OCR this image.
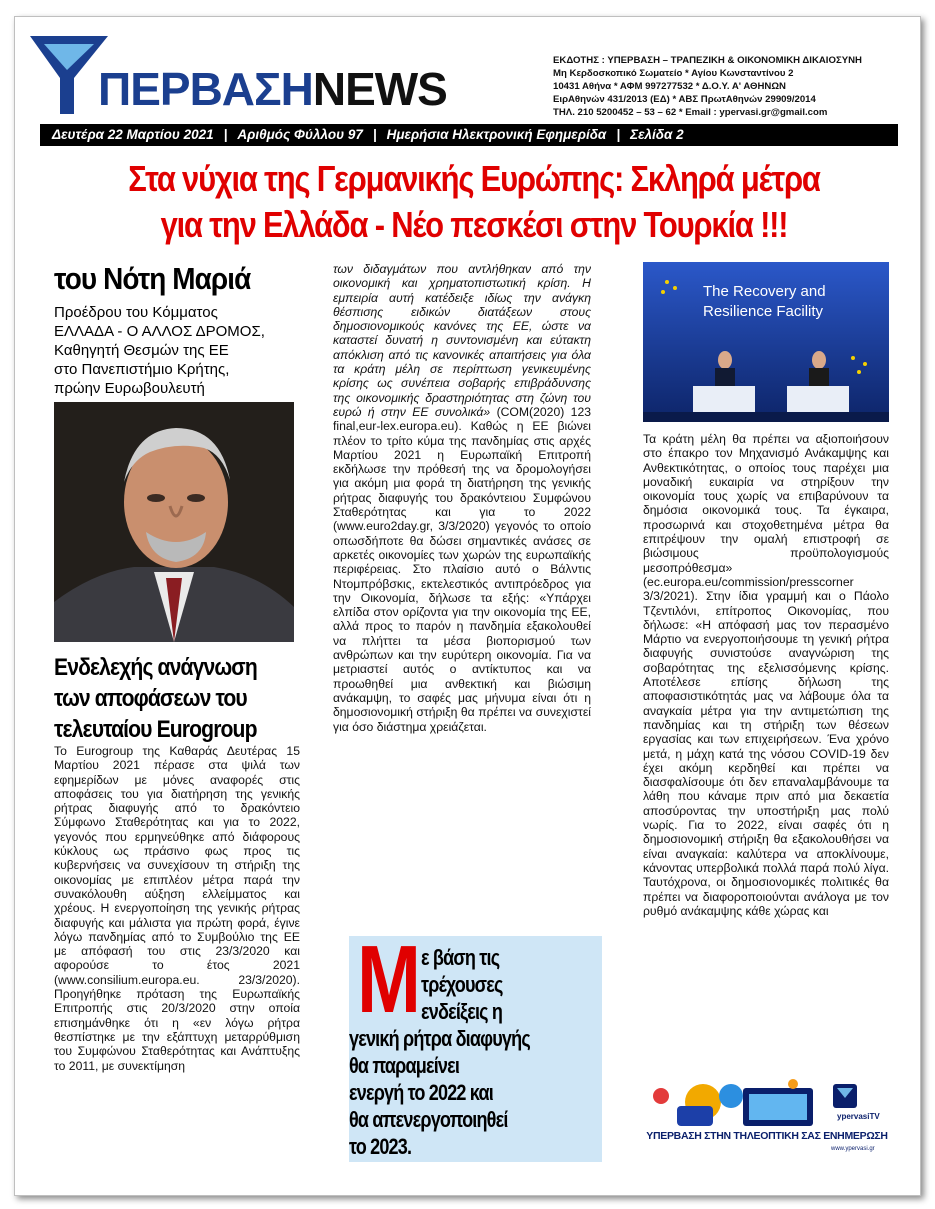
ΠΕΡΒΑΣΗNEWS
ΕΚΔΟΤΗΣ : ΥΠΕΡΒΑΣΗ – ΤΡΑΠΕΖΙΚΗ & ΟΙΚΟΝΟΜΙΚΗ ΔΙΚΑΙΟΣΥΝΗ
Μη Κερδοσκοπικό Σωματείο * Αγίου Κωνσταντίνου 2
10431 Αθήνα * ΑΦΜ 997277532 * Δ.Ο.Υ. Α' ΑΘΗΝΩΝ
ΕιρΑθηνών 431/2013 (ΕΔ) * ΑΒΣ ΠρωτΑθηνών 29909/2014
ΤΗΛ. 210 5200452 – 53 – 62 * Email : ypervasi.gr@gmail.com
Δευτέρα 22 Μαρτίου 2021 | Αριθμός Φύλλου 97 | Ημερήσια Ηλεκτρονική Εφημερίδα | Σελίδα 2
Στα νύχια της Γερμανικής Ευρώπης: Σκληρά μέτρα
για την Ελλάδα - Νέο πεσκέσι στην Τουρκία !!!
του Νότη Μαριά
Προέδρου του Κόμματος
ΕΛΛΑΔΑ - Ο ΑΛΛΟΣ ΔΡΟΜΟΣ,
Καθηγητή Θεσμών της ΕΕ
στο Πανεπιστήμιο Κρήτης,
πρώην Ευρωβουλευτή
Ενδελεχής ανάγνωση
των αποφάσεων του
τελευταίου Eurogroup
Το Eurogroup της Καθαράς Δευτέρας 15 Μαρτίου 2021 πέρασε στα ψιλά των εφημερίδων με μόνες αναφορές στις αποφάσεις του για διατήρηση της γενικής ρήτρας διαφυγής από το δρακόντειο Σύμφωνο Σταθερότητας και για το 2022, γεγονός που ερμηνεύθηκε από διάφορους κύκλους ως πράσινο φως προς τις κυβερνήσεις να συνεχίσουν τη στήριξη της οικονομίας με επιπλέον μέτρα παρά την συνακόλουθη αύξηση ελλείμματος και χρέους. Η ενεργοποίηση της γενικής ρήτρας διαφυγής και μάλιστα για πρώτη φορά, έγινε λόγω πανδημίας από το Συμβούλιο της ΕΕ με απόφασή του στις 23/3/2020 και αφορούσε το έτος 2021 (www.consilium.europa.eu. 23/3/2020). Προηγήθηκε πρόταση της Ευρωπαϊκής Επιτροπής στις 20/3/2020 στην οποία επισημάνθηκε ότι η «εν λόγω ρήτρα θεσπίστηκε με την εξάπτυχη μεταρρύθμιση του Συμφώνου Σταθερότητας και Ανάπτυξης το 2011, με συνεκτίμηση
των διδαγμάτων που αντλήθηκαν από την οικονομική και χρηματοπιστωτική κρίση. Η εμπειρία αυτή κατέδειξε ιδίως την ανάγκη θέσπισης ειδικών διατάξεων στους δημοσιονομικούς κανόνες της ΕΕ, ώστε να καταστεί δυνατή η συντονισμένη και εύτακτη απόκλιση από τις κανονικές απαιτήσεις για όλα τα κράτη μέλη σε περίπτωση γενικευμένης κρίσης ως συνέπεια σοβαρής επιβράδυνσης της οικονομικής δραστηριότητας στη ζώνη του ευρώ ή στην ΕΕ συνολικά» (COM(2020) 123 final,eur-lex.europa.eu). Καθώς η ΕΕ βιώνει πλέον το τρίτο κύμα της πανδημίας στις αρχές Μαρτίου 2021 η Ευρωπαϊκή Επιτροπή εκδήλωσε την πρόθεσή της να δρομολογήσει για ακόμη μια φορά τη διατήρηση της γενικής ρήτρας διαφυγής του δρακόντειου Συμφώνου Σταθερότητας και για το 2022 (www.euro2day.gr, 3/3/2020) γεγονός το οποίο οπωσδήποτε θα δώσει σημαντικές ανάσες σε αρκετές οικονομίες των χωρών της ευρωπαϊκής περιφέρειας. Στο πλαίσιο αυτό ο Βάλντις Ντομπρόβσκις, εκτελεστικός αντιπρόεδρος για την Οικονομία, δήλωσε τα εξής: «Υπάρχει ελπίδα στον ορίζοντα για την οικονομία της ΕΕ, αλλά προς το παρόν η πανδημία εξακολουθεί να πλήττει τα μέσα βιοπορισμού των ανθρώπων και την ευρύτερη οικονομία. Για να μετριαστεί αυτός ο αντίκτυπος και να προωθηθεί μια ανθεκτική και βιώσιμη ανάκαμψη, το σαφές μας μήνυμα είναι ότι η δημοσιονομική στήριξη θα πρέπει να συνεχιστεί για όσο διάστημα χρειάζεται.
Μ ε βάση τις
τρέχουσες
ενδείξεις η
γενική ρήτρα διαφυγής
θα παραμείνει
ενεργή το 2022 και
θα απενεργοποιηθεί
το 2023.
The Recovery and
Resilience Facility
Τα κράτη μέλη θα πρέπει να αξιοποιήσουν στο έπακρο τον Μηχανισμό Ανάκαμψης και Ανθεκτικότητας, ο οποίος τους παρέχει μια μοναδική ευκαιρία να στηρίξουν την οικονομία τους χωρίς να επιβαρύνουν τα δημόσια οικονομικά τους. Τα έγκαιρα, προσωρινά και στοχοθετημένα μέτρα θα επιτρέψουν την ομαλή επιστροφή σε βιώσιμους προϋπολογισμούς μεσοπρόθεσμα» (ec.europa.eu/commission/presscorner 3/3/2021). Στην ίδια γραμμή και ο Πάολο Τζεντιλόνι, επίτροπος Οικονομίας, που δήλωσε: «Η απόφασή μας τον περασμένο Μάρτιο να ενεργοποιήσουμε τη γενική ρήτρα διαφυγής συνιστούσε αναγνώριση της σοβαρότητας της εξελισσόμενης κρίσης. Αποτέλεσε επίσης δήλωση της αποφασιστικότητάς μας να λάβουμε όλα τα αναγκαία μέτρα για την αντιμετώπιση της πανδημίας και τη στήριξη των θέσεων εργασίας και των επιχειρήσεων. Ένα χρόνο μετά, η μάχη κατά της νόσου COVID-19 δεν έχει ακόμη κερδηθεί και πρέπει να διασφαλίσουμε ότι δεν επαναλαμβάνουμε τα λάθη που κάναμε πριν από μια δεκαετία αποσύροντας την υποστήριξη μας πολύ νωρίς. Για το 2022, είναι σαφές ότι η δημοσιονομική στήριξη θα εξακολουθήσει να είναι αναγκαία: καλύτερα να αποκλίνουμε, κάνοντας υπερβολικά πολλά παρά πολύ λίγα. Ταυτόχρονα, οι δημοσιονομικές πολιτικές θα πρέπει να διαφοροποιούνται ανάλογα με τον ρυθμό ανάκαμψης κάθε χώρας και
ypervasiTV
ΥΠΕΡΒΑΣΗ ΣΤΗΝ ΤΗΛΕΟΠΤΙΚΗ ΣΑΣ ΕΝΗΜΕΡΩΣΗ
www.ypervasi.gr
